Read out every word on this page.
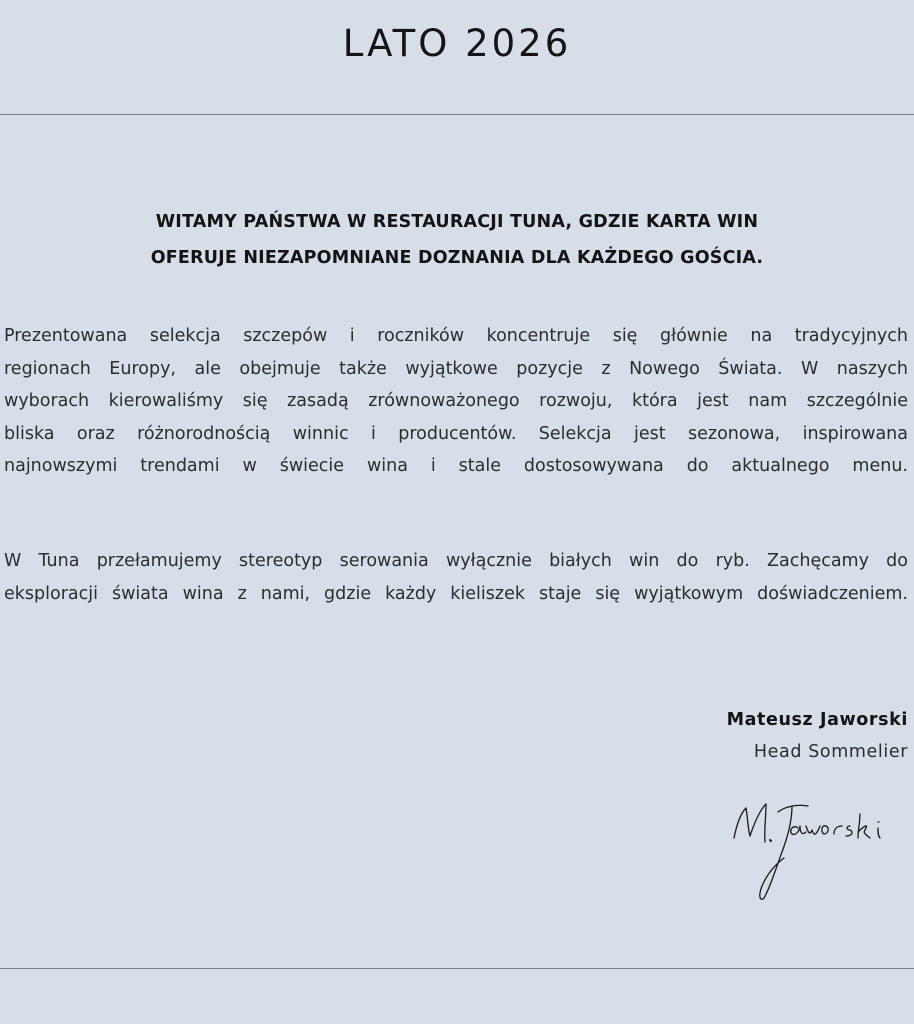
LATO 2026
WITAMY PAŃSTWA W RESTAURACJI TUNA, GDZIE KARTA WIN
OFERUJE NIEZAPOMNIANE DOZNANIA DLA KAŻDEGO GOŚCIA.
Prezentowana selekcja szczepów i roczników koncentruje się głównie na tradycyjnych
regionach Europy, ale obejmuje także wyjątkowe pozycje z Nowego Świata. W naszych
wyborach kierowaliśmy się zasadą zrównoważonego rozwoju, która jest nam szczególnie
bliska oraz różnorodnością winnic i producentów. Selekcja jest sezonowa, inspirowana
najnowszymi trendami w świecie wina i stale dostosowywana do aktualnego menu.
W Tuna przełamujemy stereotyp serowania wyłącznie białych win do ryb. Zachęcamy do
eksploracji świata wina z nami, gdzie każdy kieliszek staje się wyjątkowym doświadczeniem.
Mateusz Jaworski
Head Sommelier
